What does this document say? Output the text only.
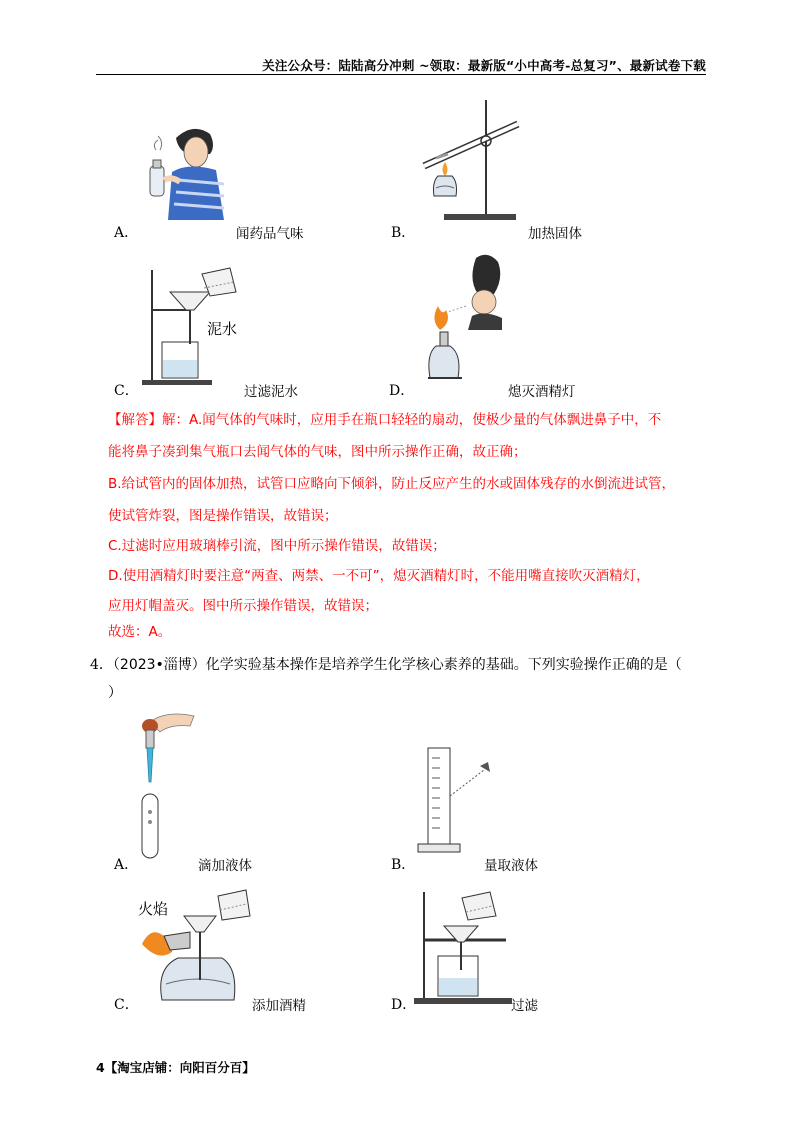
关注公众号：陆陆高分冲刺 ~领取：最新版“小中高考-总复习”、最新试卷下载
A．	闻药品气味	B．	加热固体
泥水
C．	过滤泥水	D．	熄灭酒精灯
【解答】解：A.闻气体的气味时，应用手在瓶口轻轻的扇动，使极少量的气体飘进鼻子中，不
能将鼻子凑到集气瓶口去闻气体的气味，图中所示操作正确，故正确；
B.给试管内的固体加热，试管口应略向下倾斜，防止反应产生的水或固体残存的水倒流进试管，
使试管炸裂，图是操作错误，故错误；
C.过滤时应用玻璃棒引流，图中所示操作错误，故错误；
D.使用酒精灯时要注意“两查、两禁、一不可”，熄灭酒精灯时，不能用嘴直接吹灭酒精灯，
应用灯帽盖灭。图中所示操作错误，故错误；
故选：A。
4．（2023•淄博）化学实验基本操作是培养学生化学核心素养的基础。下列实验操作正确的是（
）
A．	滴加液体	B．	量取液体
火焰
C．	添加酒精	D．	过滤
4【淘宝店铺：向阳百分百】
